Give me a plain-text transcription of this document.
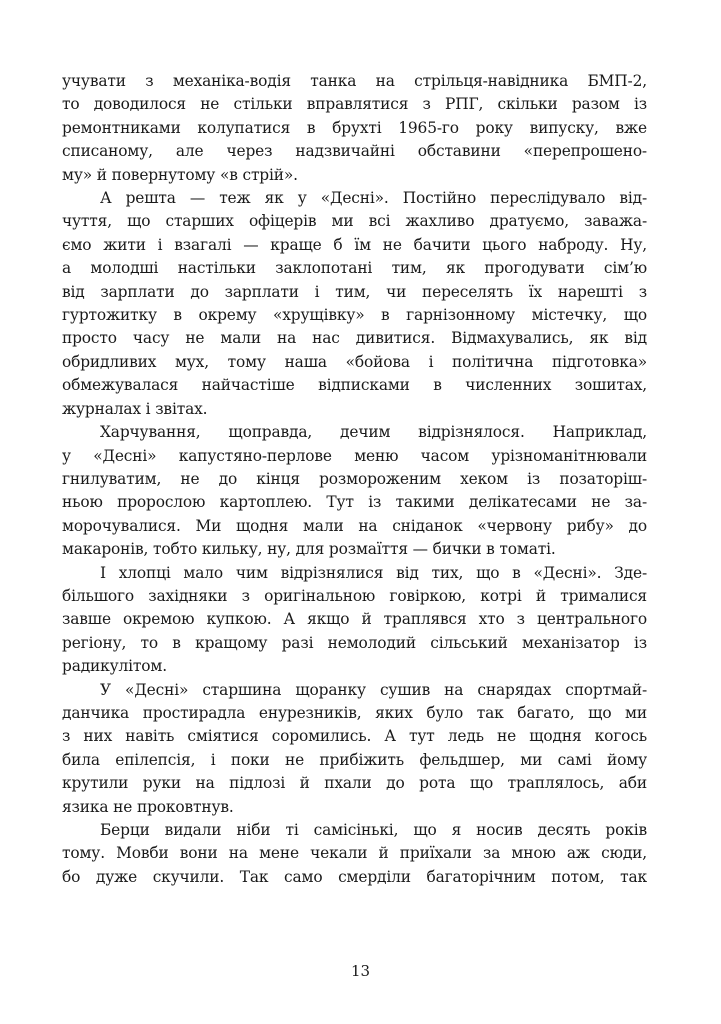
учувати з механіка-водія танка на стрільця-навідника БМП-2,
то доводилося не стільки вправлятися з РПГ, скільки разом із
ремонтниками колупатися в брухті 1965-го року випуску, вже
списаному, але через надзвичайні обставини «перепрошено-
му» й повернутому «в стрій».
А решта — теж як у «Десні». Постійно переслідувало від-
чуття, що старших офіцерів ми всі жахливо дратуємо, заважа-
ємо жити і взагалі — краще б їм не бачити цього наброду. Ну,
а молодші настільки заклопотані тим, як прогодувати сім’ю
від зарплати до зарплати і тим, чи переселять їх нарешті з
гуртожитку в окрему «хрущівку» в гарнізонному містечку, що
просто часу не мали на нас дивитися. Відмахувались, як від
обридливих мух, тому наша «бойова і політична підготовка»
обмежувалася найчастіше відписками в численних зошитах,
журналах і звітах.
Харчування, щоправда, дечим відрізнялося. Наприклад,
у «Десні» капустяно-перлове меню часом урізноманітнювали
гнилуватим, не до кінця розмороженим хеком із позаторіш-
ньою пророслою картоплею. Тут із такими делікатесами не за-
морочувалися. Ми щодня мали на сніданок «червону рибу» до
макаронів, тобто кильку, ну, для розмаїття — бички в томаті.
І хлопці мало чим відрізнялися від тих, що в «Десні». Зде-
більшого західняки з оригінальною говіркою, котрі й трималися
завше окремою купкою. А якщо й траплявся хто з центрального
регіону, то в кращому разі немолодий сільський механізатор із
радикулітом.
У «Десні» старшина щоранку сушив на снарядах спортмай-
данчика простирадла енурезників, яких було так багато, що ми
з них навіть сміятися соромились. А тут ледь не щодня когось
била епілепсія, і поки не прибіжить фельдшер, ми самі йому
крутили руки на підлозі й пхали до рота що траплялось, аби
язика не проковтнув.
Берци видали ніби ті самісінькі, що я носив десять років
тому. Мовби вони на мене чекали й приїхали за мною аж сюди,
бо дуже скучили. Так само смерділи багаторічним потом, так
13
